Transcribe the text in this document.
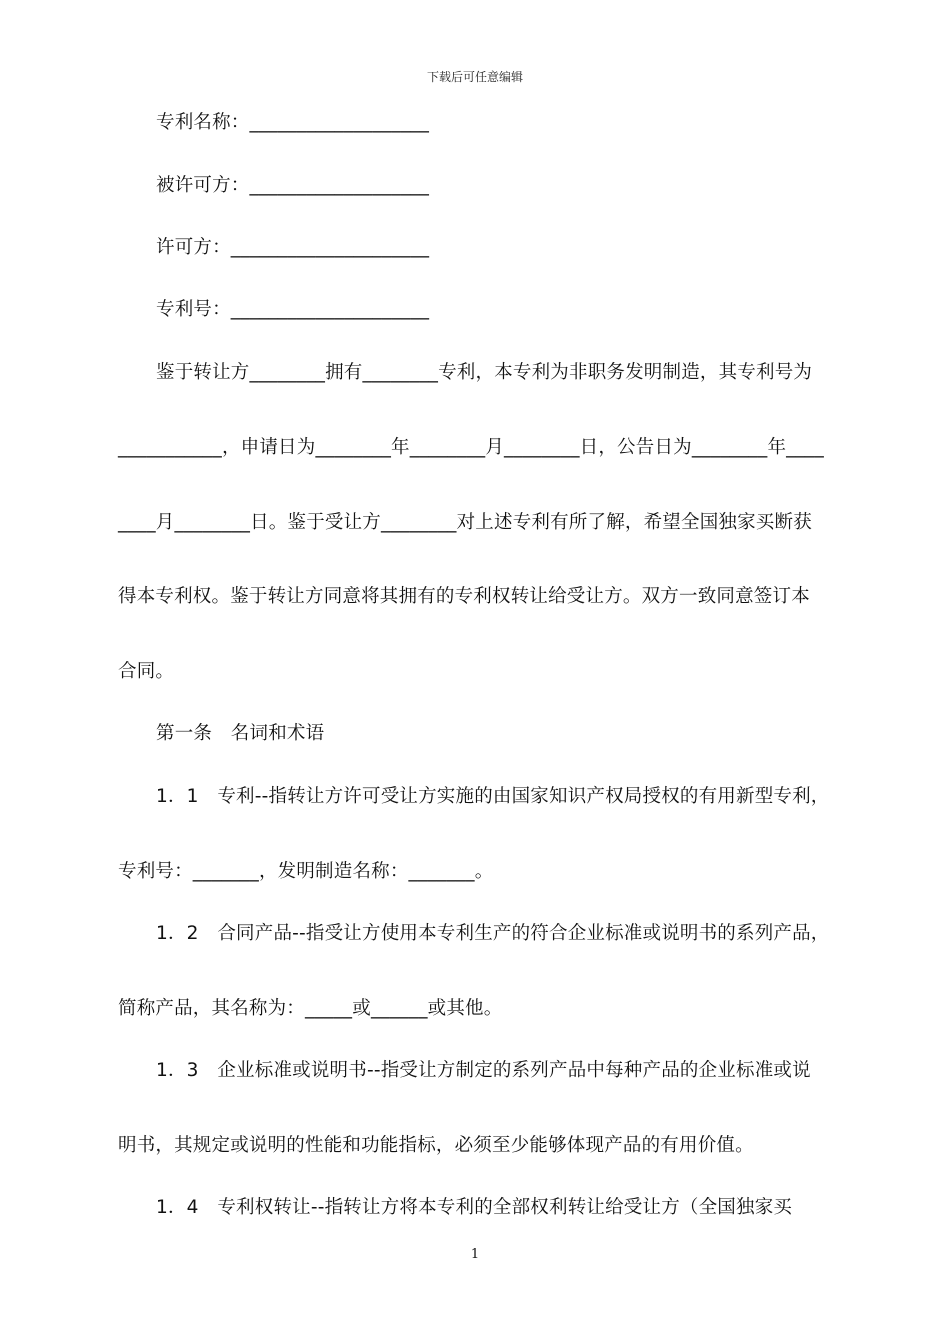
下载后可任意编辑
专利名称：___________________
被许可方：___________________
许可方：_____________________
专利号：_____________________
鉴于转让方________拥有________专利，本专利为非职务发明制造，其专利号为
___________，申请日为________年________月________日，公告日为________年____
____月________日。鉴于受让方________对上述专利有所了解，希望全国独家买断获
得本专利权。鉴于转让方同意将其拥有的专利权转让给受让方。双方一致同意签订本
合同。
第一条　名词和术语
1．1　专利--指转让方许可受让方实施的由国家知识产权局授权的有用新型专利，
专利号：_______，发明制造名称：_______。
1．2　合同产品--指受让方使用本专利生产的符合企业标准或说明书的系列产品，
简称产品，其名称为：_____或______或其他。
1．3　企业标准或说明书--指受让方制定的系列产品中每种产品的企业标准或说
明书，其规定或说明的性能和功能指标，必须至少能够体现产品的有用价值。
1．4　专利权转让--指转让方将本专利的全部权利转让给受让方（全国独家买
1
